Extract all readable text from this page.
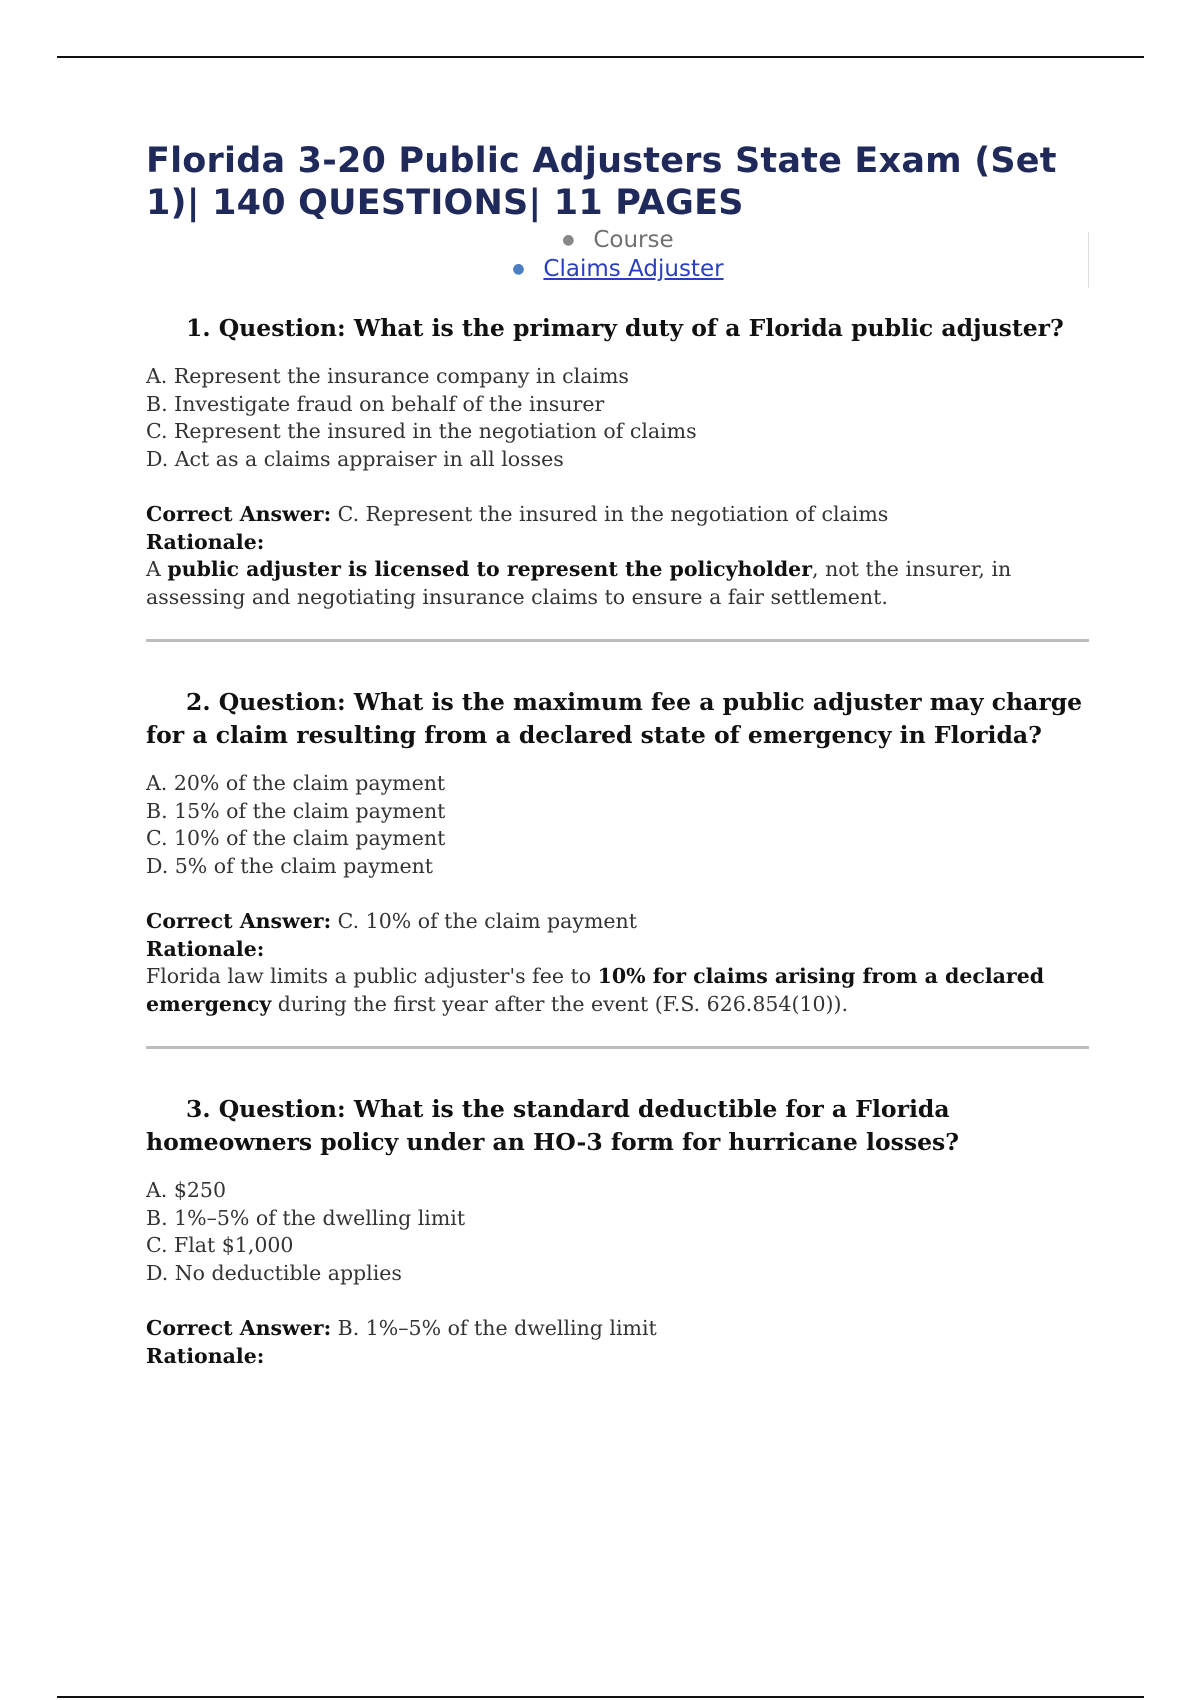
Florida 3-20 Public Adjusters State Exam (Set 1)| 140 QUESTIONS| 11 PAGES
● Course
● Claims Adjuster
1. Question: What is the primary duty of a Florida public adjuster?
A. Represent the insurance company in claims
B. Investigate fraud on behalf of the insurer
C. Represent the insured in the negotiation of claims
D. Act as a claims appraiser in all losses
Correct Answer: C. Represent the insured in the negotiation of claims
Rationale:
A public adjuster is licensed to represent the policyholder, not the insurer, in assessing and negotiating insurance claims to ensure a fair settlement.
2. Question: What is the maximum fee a public adjuster may charge for a claim resulting from a declared state of emergency in Florida?
A. 20% of the claim payment
B. 15% of the claim payment
C. 10% of the claim payment
D. 5% of the claim payment
Correct Answer: C. 10% of the claim payment
Rationale:
Florida law limits a public adjuster's fee to 10% for claims arising from a declared emergency during the first year after the event (F.S. 626.854(10)).
3. Question: What is the standard deductible for a Florida homeowners policy under an HO-3 form for hurricane losses?
A. $250
B. 1%–5% of the dwelling limit
C. Flat $1,000
D. No deductible applies
Correct Answer: B. 1%–5% of the dwelling limit
Rationale:
